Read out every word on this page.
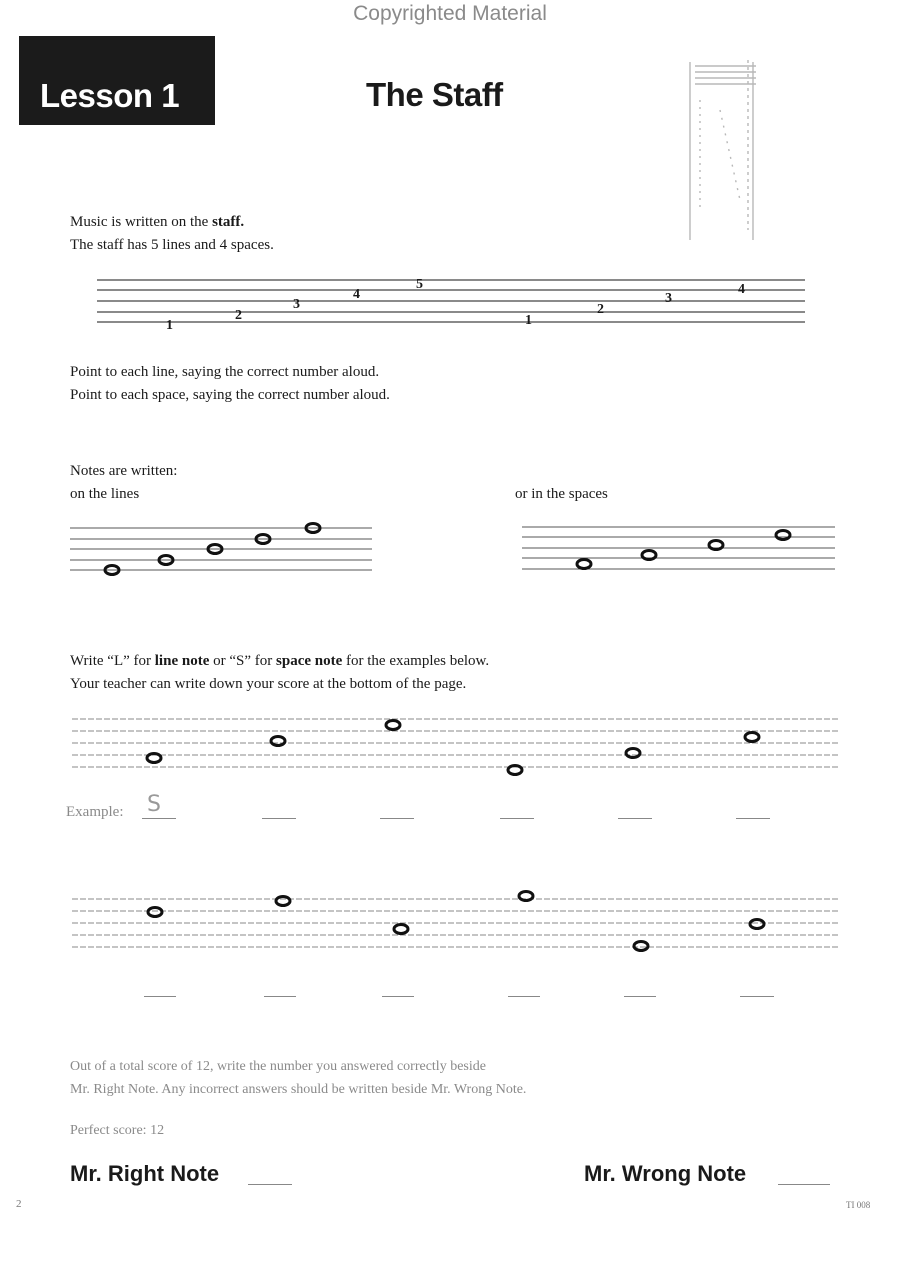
Copyrighted Material
Lesson 1	The Staff
Music is written on the staff.
The staff has 5 lines and 4 spaces.
1
2
3
4
5
1
2
3
4
Point to each line, saying the correct number aloud.
Point to each space, saying the correct number aloud.
Notes are written:
on the lines	or in the spaces
Write “L” for line note or “S” for space note for the examples below.
Your teacher can write down your score at the bottom of the page.
Example: S
Out of a total score of 12, write the number you answered correctly beside
Mr. Right Note. Any incorrect answers should be written beside Mr. Wrong Note.
Perfect score: 12
Mr. Right Note	Mr. Wrong Note
2	TI 008
